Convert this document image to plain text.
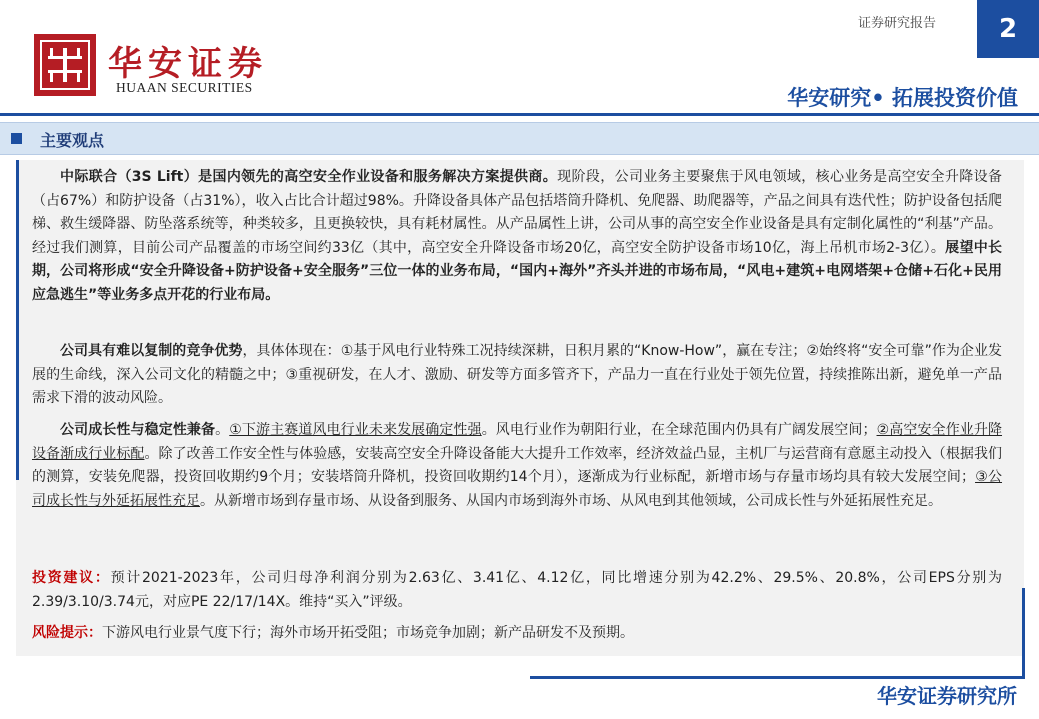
华安证券
HUAAN SECURITIES
证券研究报告	2
华安研究• 拓展投资价值
主要观点
中际联合（3S Lift）是国内领先的高空安全作业设备和服务解决方案提供商。现阶段，公司业务主要聚焦于风电领域，核心业务是高空安全升降设备（占67%）和防护设备（占31%），收入占比合计超过98%。升降设备具体产品包括塔筒升降机、免爬器、助爬器等，产品之间具有迭代性；防护设备包括爬梯、救生缓降器、防坠落系统等，种类较多，且更换较快，具有耗材属性。从产品属性上讲，公司从事的高空安全作业设备是具有定制化属性的“利基”产品。经过我们测算，目前公司产品覆盖的市场空间约33亿（其中，高空安全升降设备市场20亿，高空安全防护设备市场10亿，海上吊机市场2-3亿）。展望中长期，公司将形成“安全升降设备+防护设备+安全服务”三位一体的业务布局，“国内+海外”齐头并进的市场布局，“风电+建筑+电网塔架+仓储+石化+民用应急逃生”等业务多点开花的行业布局。
公司具有难以复制的竞争优势，具体体现在：①基于风电行业特殊工况持续深耕，日积月累的“Know-How”，赢在专注；②始终将“安全可靠”作为企业发展的生命线，深入公司文化的精髓之中；③重视研发，在人才、激励、研发等方面多管齐下，产品力一直在行业处于领先位置，持续推陈出新，避免单一产品需求下滑的波动风险。
公司成长性与稳定性兼备。①下游主赛道风电行业未来发展确定性强。风电行业作为朝阳行业，在全球范围内仍具有广阔发展空间；②高空安全作业升降设备渐成行业标配。除了改善工作安全性与体验感，安装高空安全升降设备能大大提升工作效率，经济效益凸显，主机厂与运营商有意愿主动投入（根据我们的测算，安装免爬器，投资回收期约9个月；安装塔筒升降机，投资回收期约14个月），逐渐成为行业标配，新增市场与存量市场均具有较大发展空间；③公司成长性与外延拓展性充足。从新增市场到存量市场、从设备到服务、从国内市场到海外市场、从风电到其他领域，公司成长性与外延拓展性充足。
投资建议：预计2021-2023年，公司归母净利润分别为2.63亿、3.41亿、4.12亿，同比增速分别为42.2%、29.5%、20.8%，公司EPS分别为2.39/3.10/3.74元，对应PE 22/17/14X。维持“买入”评级。
风险提示：下游风电行业景气度下行；海外市场开拓受阻；市场竞争加剧；新产品研发不及预期。
华安证券研究所
